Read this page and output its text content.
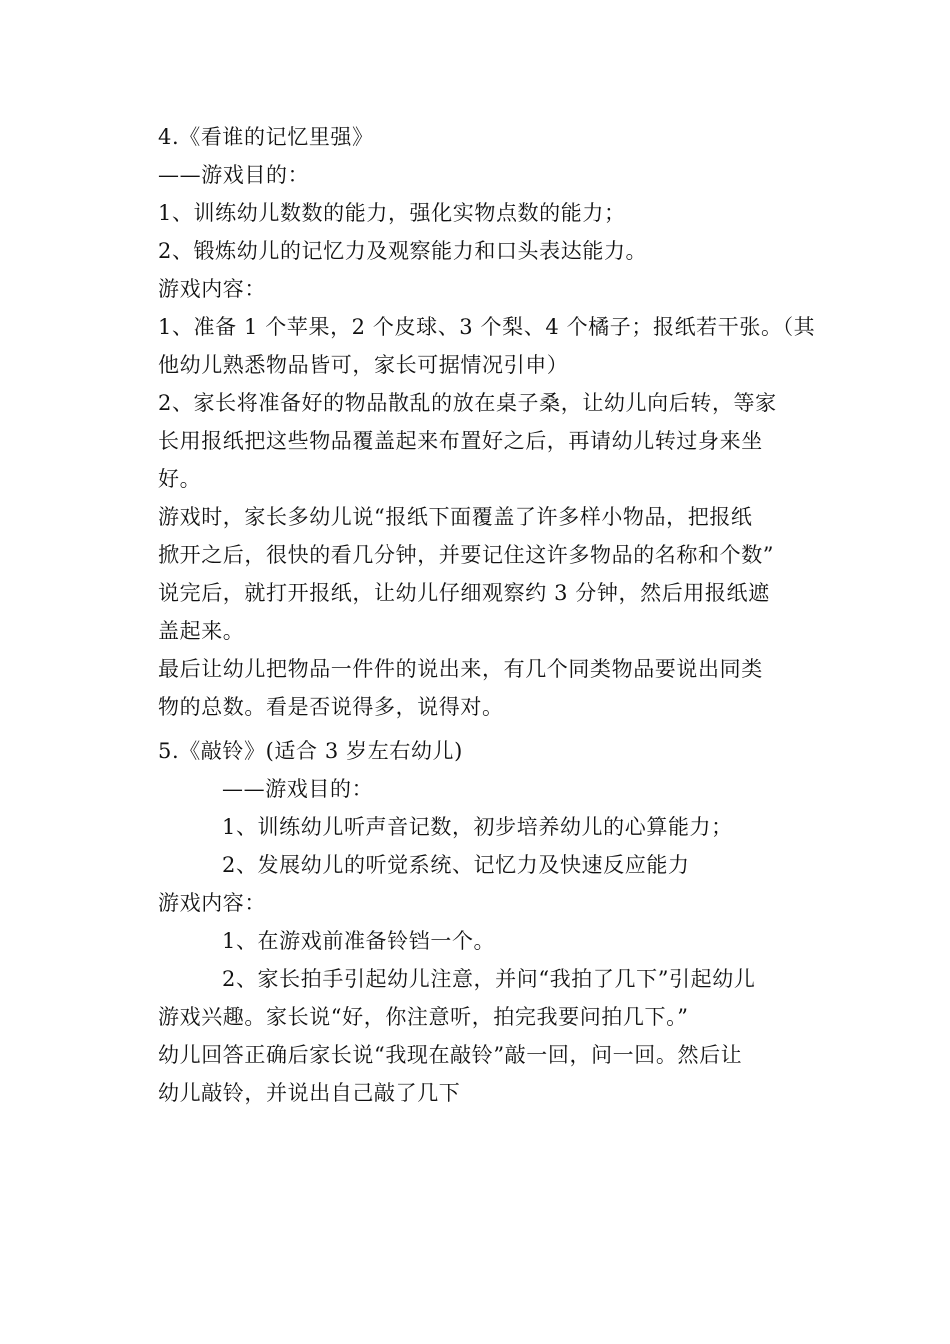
4.《看谁的记忆里强》
——游戏目的：
1、训练幼儿数数的能力，强化实物点数的能力；
2、锻炼幼儿的记忆力及观察能力和口头表达能力。
游戏内容：
1、准备 1 个苹果，2 个皮球、3 个梨、4 个橘子；报纸若干张。（其
他幼儿熟悉物品皆可，家长可据情况引申）
2、家长将准备好的物品散乱的放在桌子桑，让幼儿向后转，等家
长用报纸把这些物品覆盖起来布置好之后，再请幼儿转过身来坐
好。
游戏时，家长多幼儿说“报纸下面覆盖了许多样小物品，把报纸
掀开之后，很快的看几分钟，并要记住这许多物品的名称和个数”
说完后，就打开报纸，让幼儿仔细观察约 3 分钟，然后用报纸遮
盖起来。
最后让幼儿把物品一件件的说出来，有几个同类物品要说出同类
物的总数。看是否说得多，说得对。
5.《敲铃》(适合 3 岁左右幼儿)
——游戏目的：
1、训练幼儿听声音记数，初步培养幼儿的心算能力；
2、发展幼儿的听觉系统、记忆力及快速反应能力
游戏内容：
1、在游戏前准备铃铛一个。
2、家长拍手引起幼儿注意，并问“我拍了几下”引起幼儿
游戏兴趣。家长说“好，你注意听，拍完我要问拍几下。”
幼儿回答正确后家长说“我现在敲铃”敲一回，问一回。然后让
幼儿敲铃，并说出自己敲了几下
